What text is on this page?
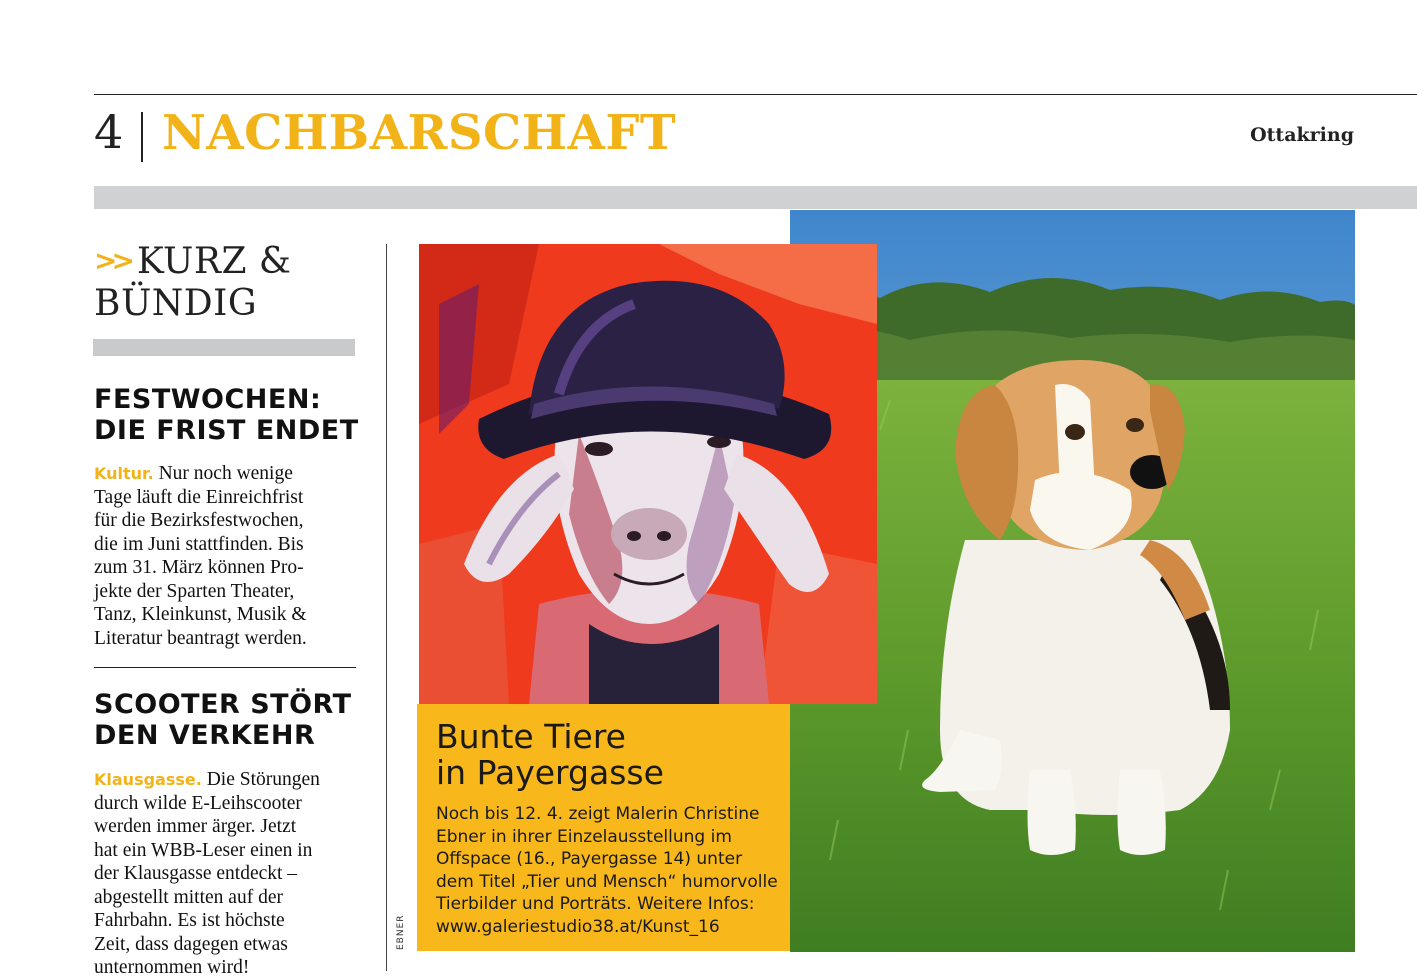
4 NACHBARSCHAFT	Ottakring
>> KURZ &
BÜNDIG
FESTWOCHEN:
DIE FRIST ENDET
Kultur. Nur noch wenige
Tage läuft die Einreichfrist
für die Bezirksfestwochen,
die im Juni stattfinden. Bis
zum 31. März können Pro-
jekte der Sparten Theater,
Tanz, Kleinkunst, Musik &
Literatur beantragt werden.
SCOOTER STÖRT
DEN VERKEHR
Klausgasse. Die Störungen
durch wilde E-Leihscooter
werden immer ärger. Jetzt
hat ein WBB-Leser einen in
der Klausgasse entdeckt –
abgestellt mitten auf der
Fahrbahn. Es ist höchste
Zeit, dass dagegen etwas
unternommen wird!
Bunte Tiere
in Payergasse
Noch bis 12. 4. zeigt Malerin Christine
Ebner in ihrer Einzelausstellung im
Offspace (16., Payergasse 14) unter
dem Titel „Tier und Mensch“ humorvolle
Tierbilder und Porträts. Weitere Infos:
www.galeriestudio38.at/Kunst_16
EBNER
